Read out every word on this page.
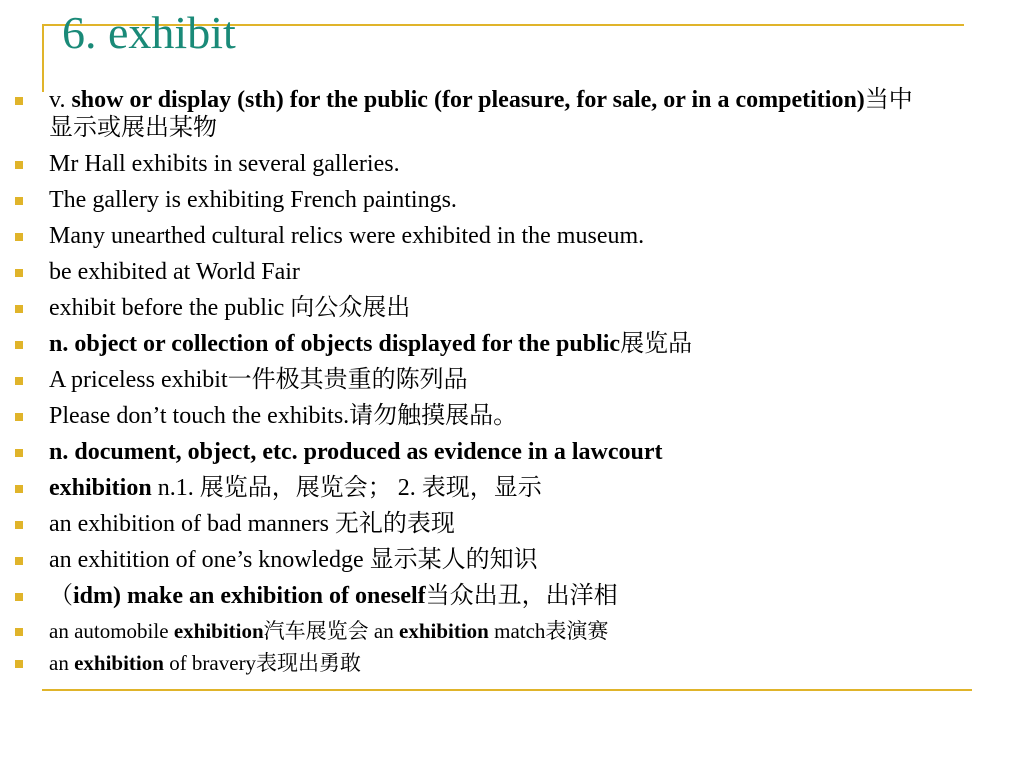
6. exhibit
v. show or display (sth) for the public (for pleasure, for sale, or in a competition)当中显示或展出某物
Mr Hall exhibits in several galleries.
The gallery is exhibiting French paintings.
Many unearthed cultural relics were exhibited in the museum.
be exhibited at World Fair
exhibit before the public 向公众展出
n. object or collection of objects displayed for the public展览品
A priceless exhibit一件极其贵重的陈列品
Please don’t touch the exhibits.请勿触摸展品。
n. document, object, etc. produced as evidence in a lawcourt
exhibition n.1. 展览品，展览会； 2. 表现，显示
an exhibition of bad manners 无礼的表现
an exhitition of one’s knowledge 显示某人的知识
（idm) make an exhibition of oneself当众出丑，出洋相
an automobile exhibition汽车展览会 an exhibition match表演赛
an exhibition of bravery表现出勇敢
